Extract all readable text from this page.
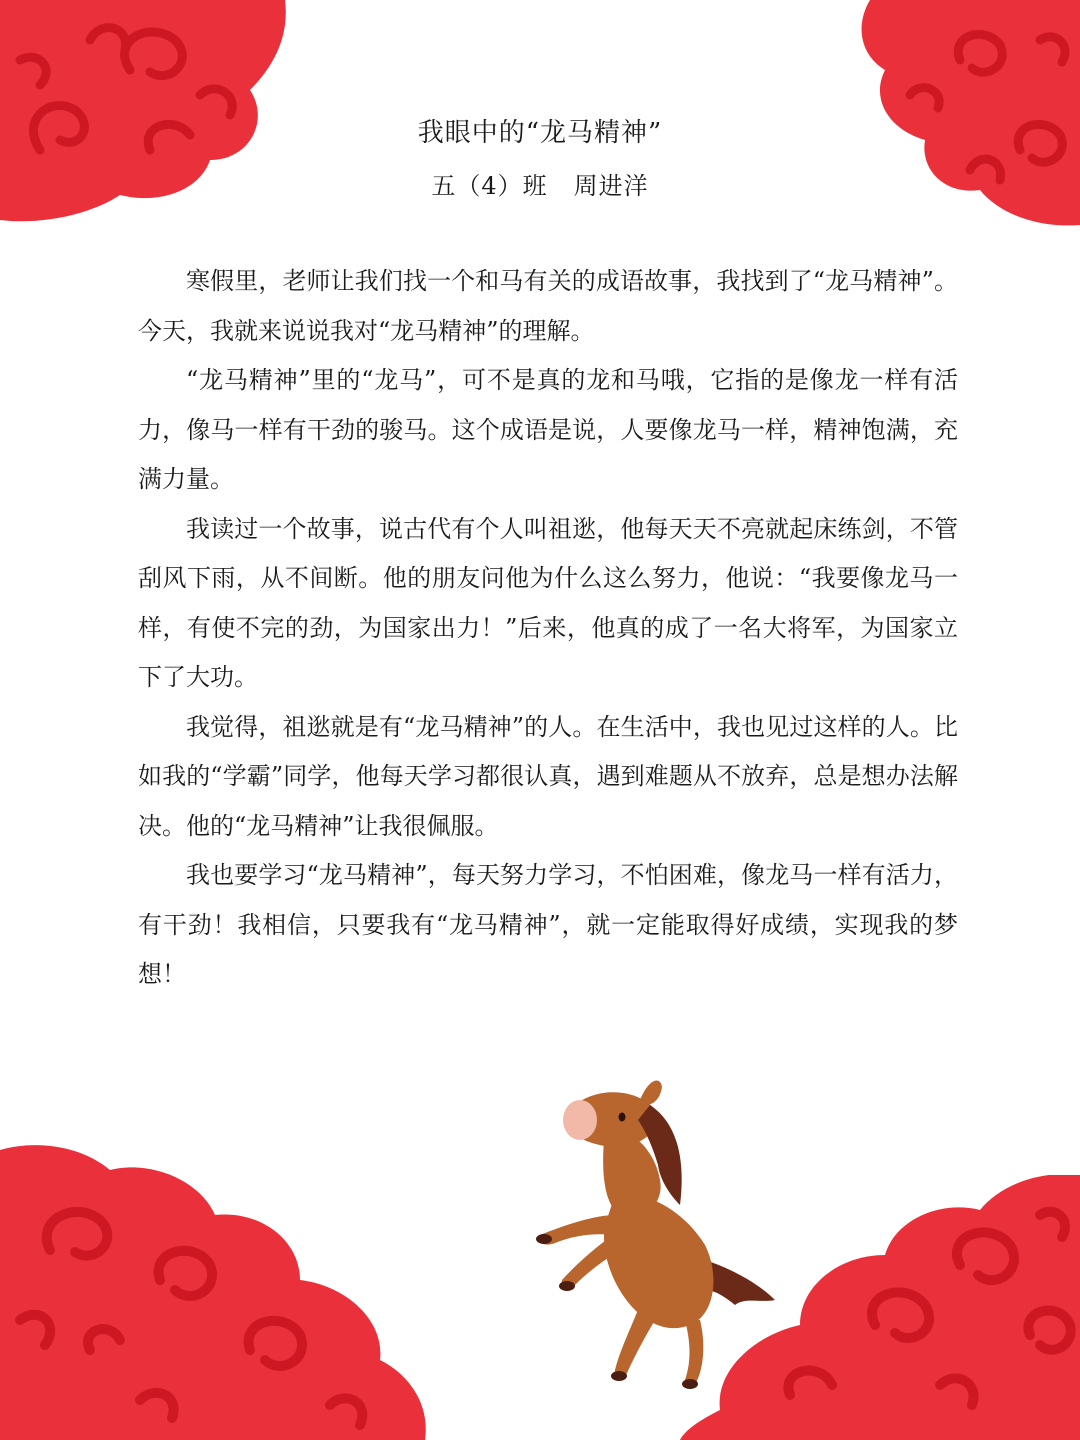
我眼中的“龙马精神”
五（4）班 周进洋

寒假里，老师让我们找一个和马有关的成语故事，我找到了“龙马精神”。今天，我就来说说我对“龙马精神”的理解。

“龙马精神”里的“龙马”，可不是真的龙和马哦，它指的是像龙一样有活力，像马一样有干劲的骏马。这个成语是说，人要像龙马一样，精神饱满，充满力量。

我读过一个故事，说古代有个人叫祖逖，他每天天不亮就起床练剑，不管刮风下雨，从不间断。他的朋友问他为什么这么努力，他说：“我要像龙马一样，有使不完的劲，为国家出力！”后来，他真的成了一名大将军，为国家立下了大功。

我觉得，祖逖就是有“龙马精神”的人。在生活中，我也见过这样的人。比如我的“学霸”同学，他每天学习都很认真，遇到难题从不放弃，总是想办法解决。他的“龙马精神”让我很佩服。

我也要学习“龙马精神”，每天努力学习，不怕困难，像龙马一样有活力，有干劲！我相信，只要我有“龙马精神”，就一定能取得好成绩，实现我的梦想！
